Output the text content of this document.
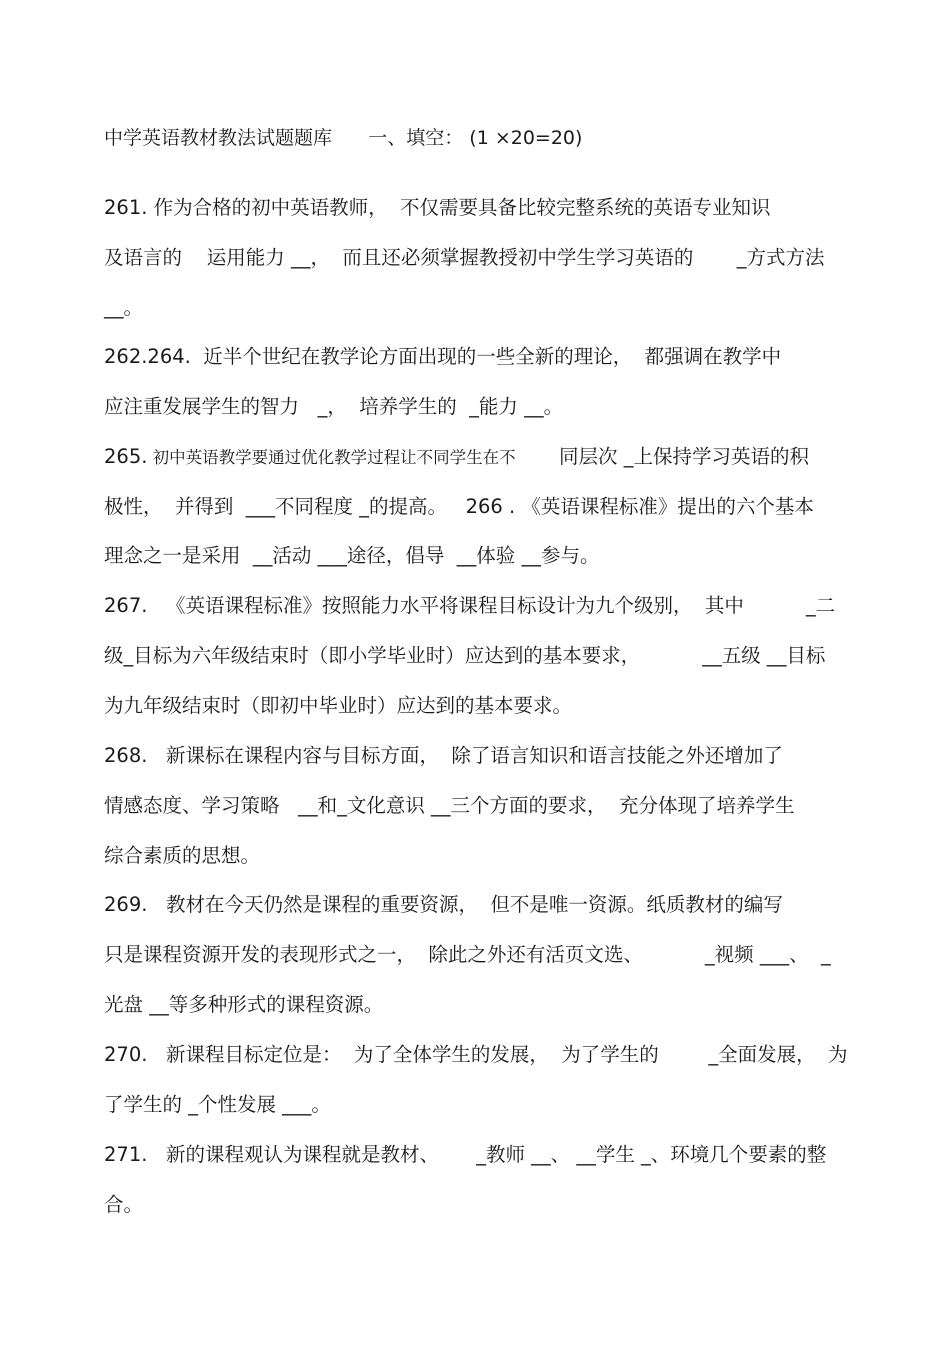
中学英语教材教法试题题库      一、填空： (1 ×20=20)
261. 作为合格的初中英语教师，  不仅需要具备比较完整系统的英语专业知识
及语言的    运用能力 __，  而且还必须掌握教授初中学生学习英语的       _方式方法
__。
262.264.  近半个世纪在教学论方面出现的一些全新的理论，  都强调在教学中
应注重发展学生的智力   _，  培养学生的  _能力 __。
265. 初中英语教学要通过优化教学过程让不同学生在不       同层次 _上保持学习英语的积
极性，  并得到  ___不同程度 _的提高。   266 . 《英语课程标准》提出的六个基本
理念之一是采用  __活动 ___途径，倡导  __体验 __参与。
267.   《英语课程标准》按照能力水平将课程目标设计为九个级别，  其中          _二
级_目标为六年级结束时（即小学毕业时）应达到的基本要求，          __五级 __目标
为九年级结束时（即初中毕业时）应达到的基本要求。
268.   新课标在课程内容与目标方面，  除了语言知识和语言技能之外还增加了
情感态度、学习策略   __和_文化意识 __三个方面的要求，  充分体现了培养学生
综合素质的思想。
269.   教材在今天仍然是课程的重要资源，  但不是唯一资源。纸质教材的编写
只是课程资源开发的表现形式之一，  除此之外还有活页文选、          _视频 ___、  _
光盘 __等多种形式的课程资源。
270.   新课程目标定位是：  为了全体学生的发展，  为了学生的        _全面发展，  为
了学生的 _个性发展 ___。
271.   新的课程观认为课程就是教材、      _教师 __、 __学生 _、环境几个要素的整
合。
